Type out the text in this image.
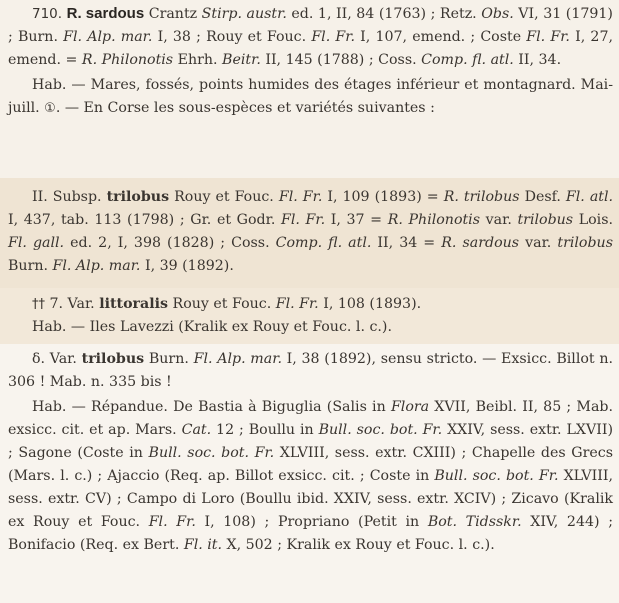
710. R. sardous Crantz Stirp. austr. ed. 1, II, 84 (1763) ; Retz. Obs. VI, 31 (1791) ; Burn. Fl. Alp. mar. I, 38 ; Rouy et Fouc. Fl. Fr. I, 107, emend. ; Coste Fl. Fr. I, 27, emend. = R. Philonotis Ehrh. Beitr. II, 145 (1788) ; Coss. Comp. fl. atl. II, 34.

Hab. — Mares, fossés, points humides des étages inférieur et montagnard. Mai-juill. ①. — En Corse les sous-espèces et variétés suivantes :

II. Subsp. trilobus Rouy et Fouc. Fl. Fr. I, 109 (1893) = R. trilobus Desf. Fl. atl. I, 437, tab. 113 (1798) ; Gr. et Godr. Fl. Fr. I, 37 = R. Philonotis var. trilobus Lois. Fl. gall. ed. 2, I, 398 (1828) ; Coss. Comp. fl. atl. II, 34 = R. sardous var. trilobus Burn. Fl. Alp. mar. I, 39 (1892).

†† 7. Var. littoralis Rouy et Fouc. Fl. Fr. I, 108 (1893).

Hab. — Iles Lavezzi (Kralik ex Rouy et Fouc. l. c.).

δ. Var. trilobus Burn. Fl. Alp. mar. I, 38 (1892), sensu stricto. — Exsicc. Billot n. 306 ! Mab. n. 335 bis !

Hab. — Répandue. De Bastia à Biguglia (Salis in Flora XVII, Beibl. II, 85 ; Mab. exsicc. cit. et ap. Mars. Cat. 12 ; Boullu in Bull. soc. bot. Fr. XXIV, sess. extr. LXVII) ; Sagone (Coste in Bull. soc. bot. Fr. XLVIII, sess. extr. CXIII) ; Chapelle des Grecs (Mars. l. c.) ; Ajaccio (Req. ap. Billot exsicc. cit. ; Coste in Bull. soc. bot. Fr. XLVIII, sess. extr. CV) ; Campo di Loro (Boullu ibid. XXIV, sess. extr. XCIV) ; Zicavo (Kralik ex Rouy et Fouc. Fl. Fr. I, 108) ; Propriano (Petit in Bot. Tidsskr. XIV, 244) ; Bonifacio (Req. ex Bert. Fl. it. X, 502 ; Kralik ex Rouy et Fouc. l. c.).
